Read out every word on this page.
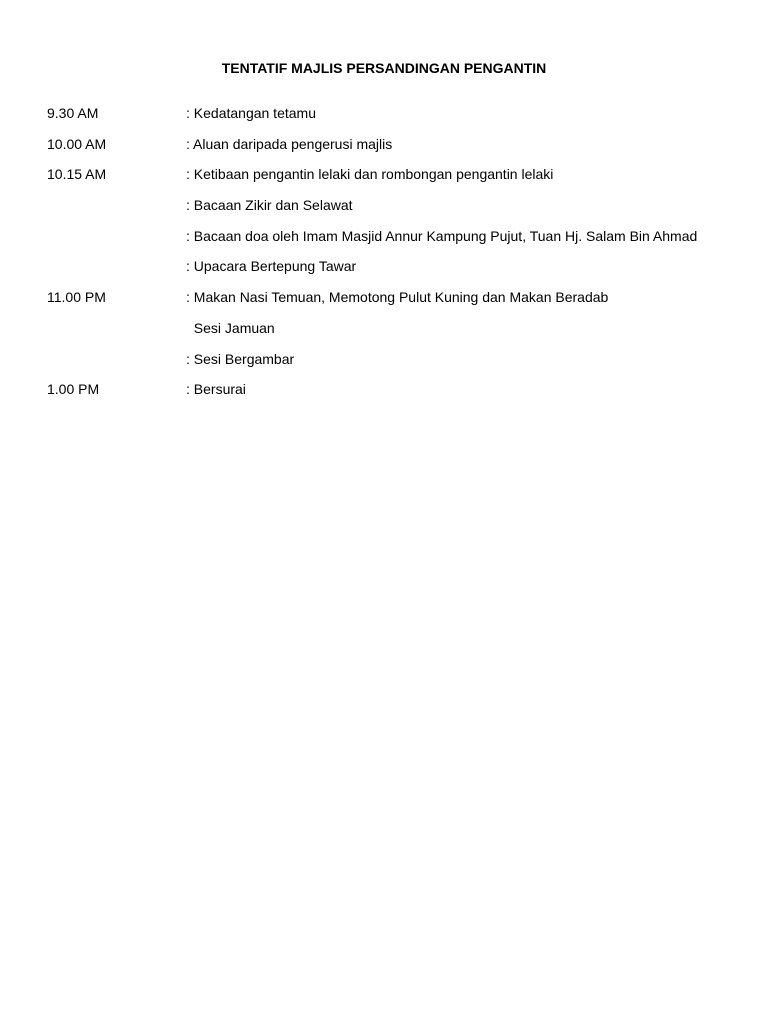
TENTATIF MAJLIS PERSANDINGAN PENGANTIN
9.30 AM	: Kedatangan tetamu
10.00 AM	: Aluan daripada pengerusi majlis
10.15 AM	: Ketibaan pengantin lelaki dan rombongan pengantin lelaki
: Bacaan Zikir dan Selawat
: Bacaan doa oleh Imam Masjid Annur Kampung Pujut, Tuan Hj. Salam Bin Ahmad
: Upacara Bertepung Tawar
11.00 PM	: Makan Nasi Temuan, Memotong Pulut Kuning dan Makan Beradab
Sesi Jamuan
: Sesi Bergambar
1.00 PM	: Bersurai
